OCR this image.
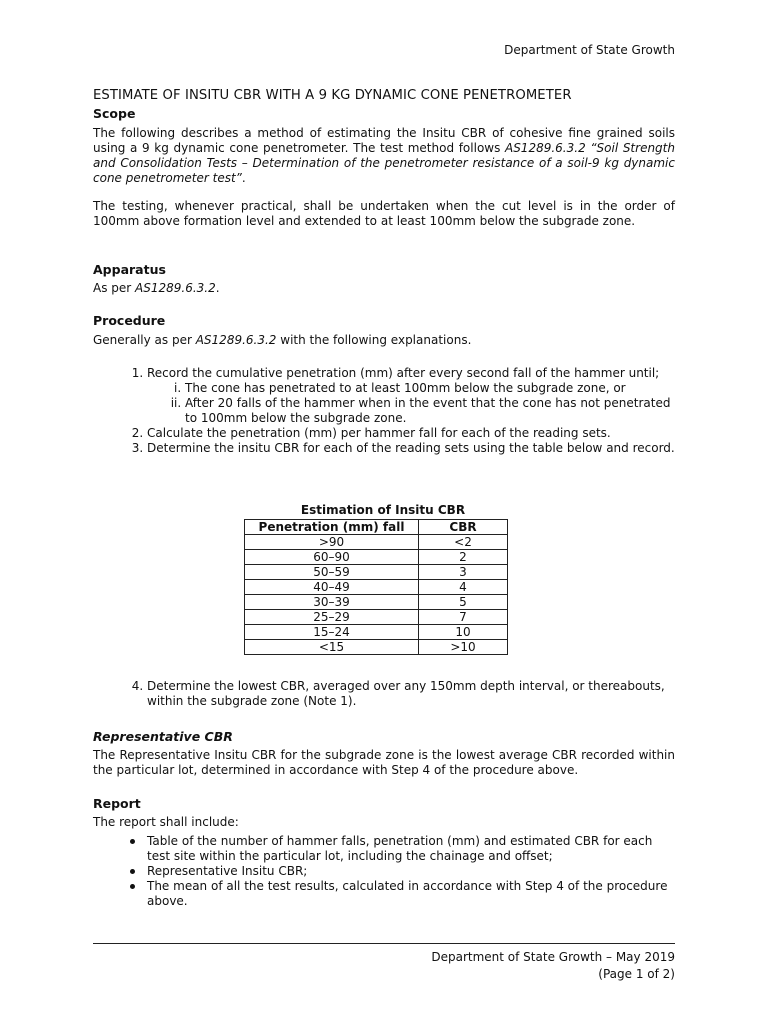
Department of State Growth
ESTIMATE OF INSITU CBR WITH A 9 KG DYNAMIC CONE PENETROMETER
Scope

The following describes a method of estimating the Insitu CBR of cohesive fine grained soils using a 9 kg dynamic cone penetrometer. The test method follows AS1289.6.3.2 “Soil Strength and Consolidation Tests – Determination of the penetrometer resistance of a soil-9 kg dynamic cone penetrometer test”.

The testing, whenever practical, shall be undertaken when the cut level is in the order of 100mm above formation level and extended to at least 100mm below the subgrade zone.

Apparatus

As per AS1289.6.3.2.

Procedure

Generally as per AS1289.6.3.2 with the following explanations.

1. Record the cumulative penetration (mm) after every second fall of the hammer until;
i. The cone has penetrated to at least 100mm below the subgrade zone, or
ii. After 20 falls of the hammer when in the event that the cone has not penetrated to 100mm below the subgrade zone.
2. Calculate the penetration (mm) per hammer fall for each of the reading sets.
3. Determine the insitu CBR for each of the reading sets using the table below and record.
Estimation of Insitu CBR
Penetration (mm) fall	CBR
>90	<2
60–90	2
50–59	3
40–49	4
30–39	5
25–29	7
15–24	10
<15	>10
4. Determine the lowest CBR, averaged over any 150mm depth interval, or thereabouts, within the subgrade zone (Note 1).
Representative CBR

The Representative Insitu CBR for the subgrade zone is the lowest average CBR recorded within the particular lot, determined in accordance with Step 4 of the procedure above.

Report

The report shall include:

Table of the number of hammer falls, penetration (mm) and estimated CBR for each test site within the particular lot, including the chainage and offset;
Representative Insitu CBR;
The mean of all the test results, calculated in accordance with Step 4 of the procedure above.
Department of State Growth – May 2019
(Page 1 of 2)
